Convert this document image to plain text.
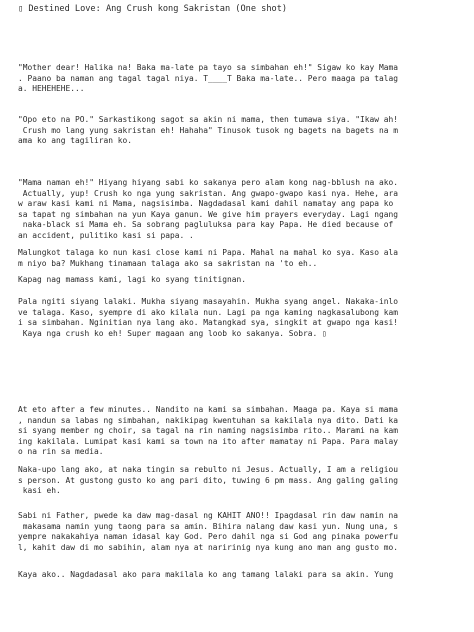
▯ Destined Love: Ang Crush kong Sakristan (One shot)
"Mother dear! Halika na! Baka ma-late pa tayo sa simbahan eh!" Sigaw ko kay Mama
. Paano ba naman ang tagal tagal niya. T____T Baka ma-late.. Pero maaga pa talag
a. HEHEHEHE...
"Opo eto na PO." Sarkastikong sagot sa akin ni mama, then tumawa siya. "Ikaw ah!
Crush mo lang yung sakristan eh! Hahaha" Tinusok tusok ng bagets na bagets na m
ama ko ang tagiliran ko.
"Mama naman eh!" Hiyang hiyang sabi ko sakanya pero alam kong nag-bblush na ako.
Actually, yup! Crush ko nga yung sakristan. Ang gwapo-gwapo kasi nya. Hehe, ara
w araw kasi kami ni Mama, nagsisimba. Nagdadasal kami dahil namatay ang papa ko
sa tapat ng simbahan na yun Kaya ganun. We give him prayers everyday. Lagi ngang
naka-black si Mama eh. Sa sobrang pagluluksa para kay Papa. He died because of
an accident, pulitiko kasi si papa. .
Malungkot talaga ko nun kasi close kami ni Papa. Mahal na mahal ko sya. Kaso ala
m niyo ba? Mukhang tinamaan talaga ako sa sakristan na 'to eh..
Kapag nag mamass kami, lagi ko syang tinitignan.
Pala ngiti siyang lalaki. Mukha siyang masayahin. Mukha syang angel. Nakaka-inlo
ve talaga. Kaso, syempre di ako kilala nun. Lagi pa nga kaming nagkasalubong kam
i sa simbahan. Nginitian nya lang ako. Matangkad sya, singkit at gwapo nga kasi!
Kaya nga crush ko eh! Super magaan ang loob ko sakanya. Sobra. ▯
At eto after a few minutes.. Nandito na kami sa simbahan. Maaga pa. Kaya si mama
, nandun sa labas ng simbahan, nakikipag kwentuhan sa kakilala nya dito. Dati ka
si syang member ng choir, sa tagal na rin naming nagsisimba rito.. Marami na kam
ing kakilala. Lumipat kasi kami sa town na ito after mamatay ni Papa. Para malay
o na rin sa media.
Naka-upo lang ako, at naka tingin sa rebulto ni Jesus. Actually, I am a religiou
s person. At gustong gusto ko ang pari dito, tuwing 6 pm mass. Ang galing galing
kasi eh.
Sabi ni Father, pwede ka daw mag-dasal ng KAHIT ANO!! Ipagdasal rin daw namin na
makasama namin yung taong para sa amin. Bihira nalang daw kasi yun. Nung una, s
yempre nakakahiya naman idasal kay God. Pero dahil nga si God ang pinaka powerfu
l, kahit daw di mo sabihin, alam nya at naririnig nya kung ano man ang gusto mo.
Kaya ako.. Nagdadasal ako para makilala ko ang tamang lalaki para sa akin. Yung
